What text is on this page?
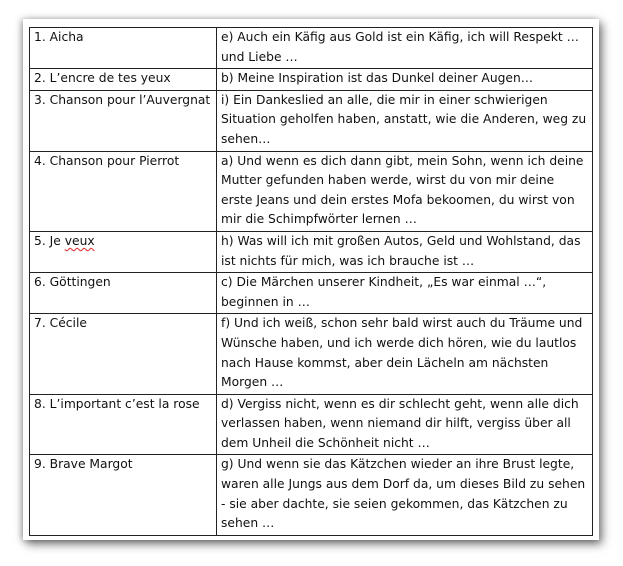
1. Aicha	e) Auch ein Käfig aus Gold ist ein Käfig, ich will Respekt … und Liebe …
2. L’encre de tes yeux	b) Meine Inspiration ist das Dunkel deiner Augen…
3. Chanson pour l’Auvergnat	i) Ein Dankeslied an alle, die mir in einer schwierigen Situation geholfen haben, anstatt, wie die Anderen, weg zu sehen…
4. Chanson pour Pierrot	a) Und wenn es dich dann gibt, mein Sohn, wenn ich deine Mutter gefunden haben werde, wirst du von mir deine erste Jeans und dein erstes Mofa bekoomen, du wirst von mir die Schimpfwörter lernen …
5. Je veux	h) Was will ich mit großen Autos, Geld und Wohlstand, das ist nichts für mich, was ich brauche ist …
6. Göttingen	c) Die Märchen unserer Kindheit, „Es war einmal …“, beginnen in …
7. Cécile	f) Und ich weiß, schon sehr bald wirst auch du Träume und Wünsche haben, und ich werde dich hören, wie du lautlos nach Hause kommst, aber dein Lächeln am nächsten Morgen …
8. L’important c’est la rose	d) Vergiss nicht, wenn es dir schlecht geht, wenn alle dich verlassen haben, wenn niemand dir hilft, vergiss über all dem Unheil die Schönheit nicht …
9. Brave Margot	g) Und wenn sie das Kätzchen wieder an ihre Brust legte, waren alle Jungs aus dem Dorf da, um dieses Bild zu sehen - sie aber dachte, sie seien gekommen, das Kätzchen zu sehen …
